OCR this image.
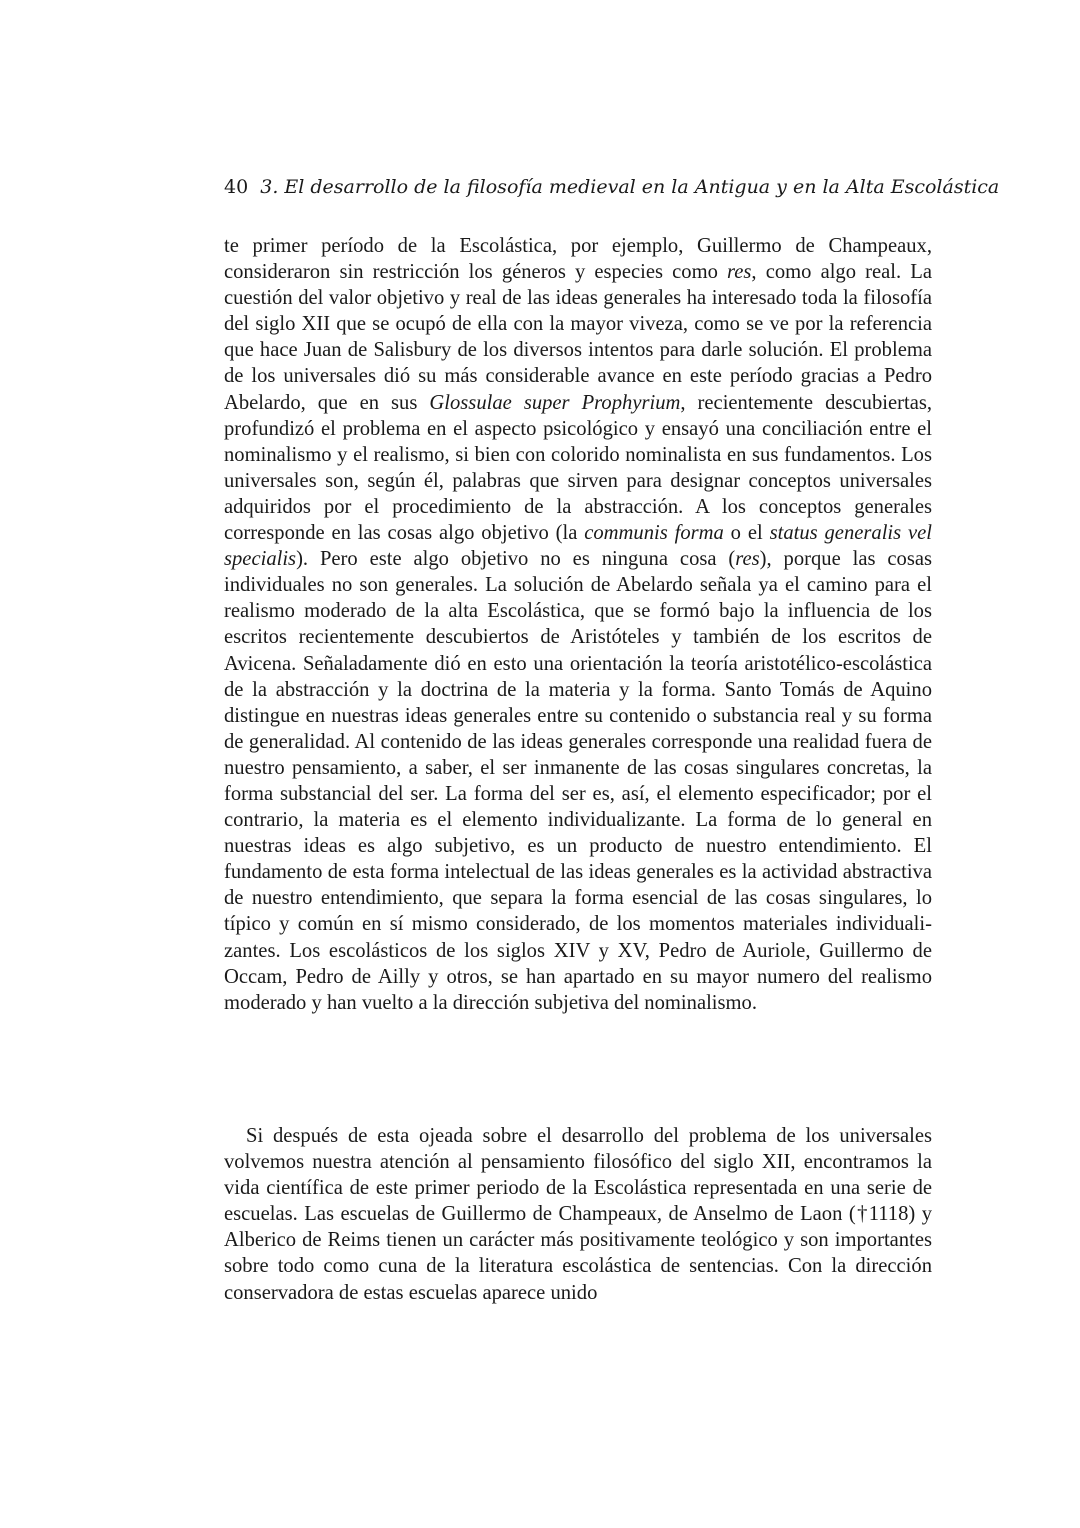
40 3. El desarrollo de la filosofía medieval en la Antigua y en la Alta Escolástica

te primer período de la Escolástica, por ejemplo, Guillermo de Champeaux, consideraron sin restricción los géneros y especies como res, como algo real. La cuestión del valor objetivo y real de las ideas generales ha interesado toda la filosofía del siglo XII que se ocupó de ella con la mayor viveza, como se ve por la referencia que hace Juan de Salisbury de los diversos intentos para darle solución. El problema de los universales dió su más considerable avance en este período gracias a Pedro Abelardo, que en sus Glossulae super Prophyrium, recientemente descubiertas, profundizó el problema en el aspecto psicológico y ensayó una conciliación entre el nominalismo y el realismo, si bien con colorido nominalista en sus fundamentos. Los universales son, según él, palabras que sirven para designar conceptos universales adquiridos por el procedimiento de la abstracción. A los conceptos generales corresponde en las cosas algo objetivo (la communis forma o el status generalis vel specialis). Pero este algo objetivo no es ninguna cosa (res), porque las cosas individuales no son generales. La solución de Abelardo señala ya el camino para el realismo moderado de la alta Escolástica, que se formó bajo la influencia de los escritos recientemente descubiertos de Aristóteles y también de los escritos de Avicena. Señaladamente dió en esto una orientación la teoría aristotélico-escolástica de la abstracción y la doctrina de la materia y la forma. Santo Tomás de Aquino distingue en nuestras ideas generales entre su contenido o substancia real y su forma de generalidad. Al contenido de las ideas generales corresponde una realidad fuera de nuestro pensamiento, a saber, el ser inmanente de las cosas singulares concretas, la forma substancial del ser. La forma del ser es, así, el elemento especificador; por el contrario, la materia es el elemento individualizante. La forma de lo general en nuestras ideas es algo subjetivo, es un producto de nuestro entendimiento. El fundamento de esta forma intelectual de las ideas generales es la actividad abstractiva de nuestro entendimiento, que separa la forma esencial de las cosas singulares, lo típico y común en sí mismo considerado, de los momentos materiales individualizantes. Los escolásticos de los siglos XIV y XV, Pedro de Auriole, Guillermo de Occam, Pedro de Ailly y otros, se han apartado en su mayor numero del realismo moderado y han vuelto a la dirección subjetiva del nominalismo.

Si después de esta ojeada sobre el desarrollo del problema de los universales volvemos nuestra atención al pensamiento filosófico del siglo XII, encontramos la vida científica de este primer periodo de la Escolástica representada en una serie de escuelas. Las escuelas de Guillermo de Champeaux, de Anselmo de Laon (†1118) y Alberico de Reims tienen un carácter más positivamente teológico y son importantes sobre todo como cuna de la literatura escolástica de sentencias. Con la dirección conservadora de estas escuelas aparece unido
